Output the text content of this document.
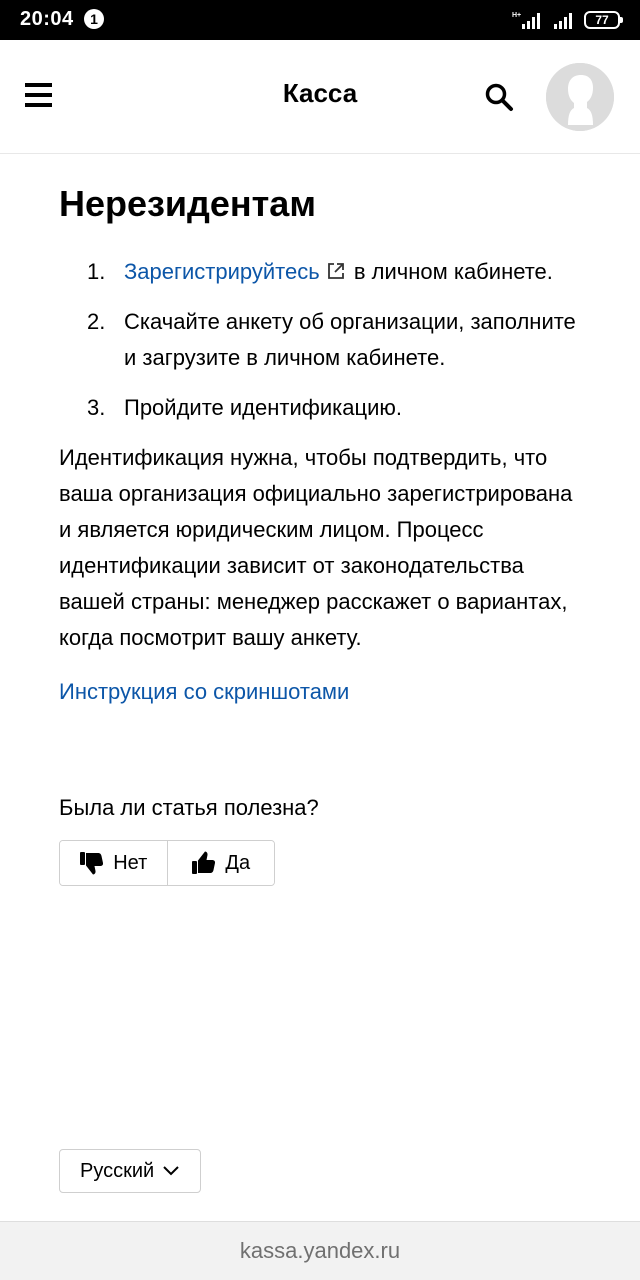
20:04	1	H+	77
Касса
Нерезидентам
1. Зарегистрируйтесь в личном кабинете.
2. Скачайте анкету об организации, заполните и загрузите в личном кабинете.
3. Пройдите идентификацию.

Идентификация нужна, чтобы подтвердить, что ваша организация официально зарегистрирована и является юридическим лицом. Процесс идентификации зависит от законодательства вашей страны: менеджер расскажет о вариантах, когда посмотрит вашу анкету.

Инструкция со скриншотами

Была ли статья полезна?

Нет	Да
Русский
kassa.yandex.ru
